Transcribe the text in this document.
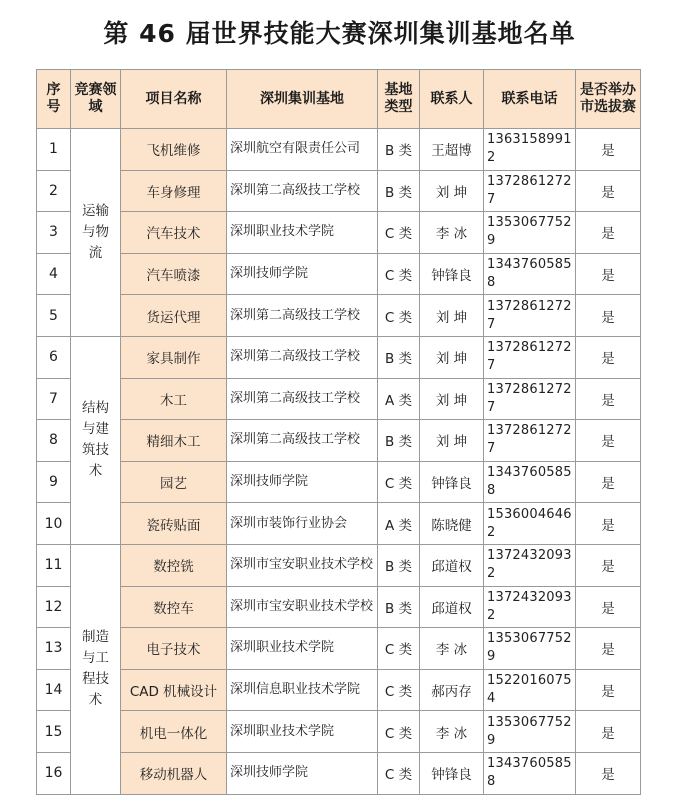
第 46 届世界技能大赛深圳集训基地名单
序号	竞赛领域	项目名称	深圳集训基地	基地类型	联系人	联系电话	是否举办市选拔赛
1	运输与物流	飞机维修	深圳航空有限责任公司	B 类	王超博	13631589912	是
2		车身修理	深圳第二高级技工学校	B 类	刘 坤	13728612727	是
3		汽车技术	深圳职业技术学院	C 类	李 冰	13530677529	是
4		汽车喷漆	深圳技师学院	C 类	钟锋良	13437605858	是
5		货运代理	深圳第二高级技工学校	C 类	刘 坤	13728612727	是
6	结构与建筑技术	家具制作	深圳第二高级技工学校	B 类	刘 坤	13728612727	是
7		木工	深圳第二高级技工学校	A 类	刘 坤	13728612727	是
8		精细木工	深圳第二高级技工学校	B 类	刘 坤	13728612727	是
9		园艺	深圳技师学院	C 类	钟锋良	13437605858	是
10		瓷砖贴面	深圳市装饰行业协会	A 类	陈晓健	15360046462	是
11	制造与工程技术	数控铣	深圳市宝安职业技术学校	B 类	邱道权	13724320932	是
12		数控车	深圳市宝安职业技术学校	B 类	邱道权	13724320932	是
13		电子技术	深圳职业技术学院	C 类	李 冰	13530677529	是
14		CAD 机械设计	深圳信息职业技术学院	C 类	郝丙存	15220160754	是
15		机电一体化	深圳职业技术学院	C 类	李 冰	13530677529	是
16		移动机器人	深圳技师学院	C 类	钟锋良	13437605858	是
